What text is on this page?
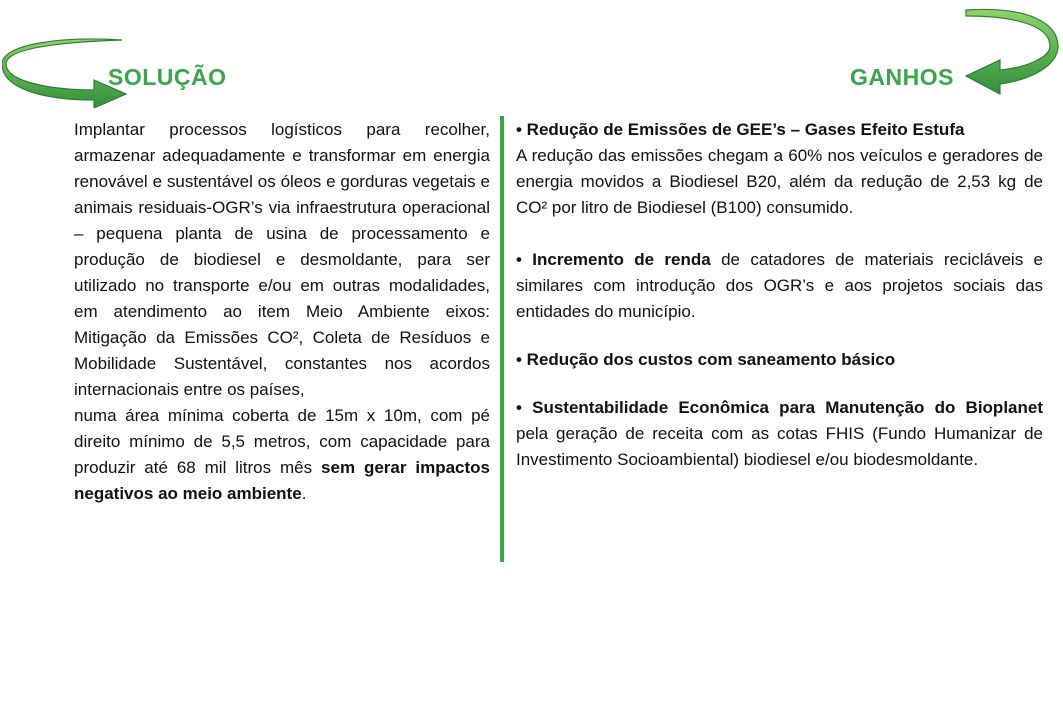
SOLUÇÃO	GANHOS

Implantar processos logísticos para recolher, armazenar adequadamente e transformar em energia renovável e sustentável os óleos e gorduras vegetais e animais residuais-OGR’s via infraestrutura operacional – pequena planta de usina de processamento e produção de biodiesel e desmoldante, para ser utilizado no transporte e/ou em outras modalidades, em atendimento ao item Meio Ambiente eixos: Mitigação da Emissões CO², Coleta de Resíduos e Mobilidade Sustentável, constantes nos acordos internacionais entre os países,

numa área mínima coberta de 15m x 10m, com pé direito mínimo de 5,5 metros, com capacidade para produzir até 68 mil litros mês sem gerar impactos negativos ao meio ambiente.

• Redução de Emissões de GEE’s – Gases Efeito Estufa

A redução das emissões chegam a 60% nos veículos e geradores de energia movidos a Biodiesel B20, além da redução de 2,53 kg de CO² por litro de Biodiesel (B100) consumido.

• Incremento de renda de catadores de materiais recicláveis e similares com introdução dos OGR’s e aos projetos sociais das entidades do município.

• Redução dos custos com saneamento básico

• Sustentabilidade Econômica para Manutenção do Bioplanet pela geração de receita com as cotas FHIS (Fundo Humanizar de Investimento Socioambiental) biodiesel e/ou biodesmoldante.
